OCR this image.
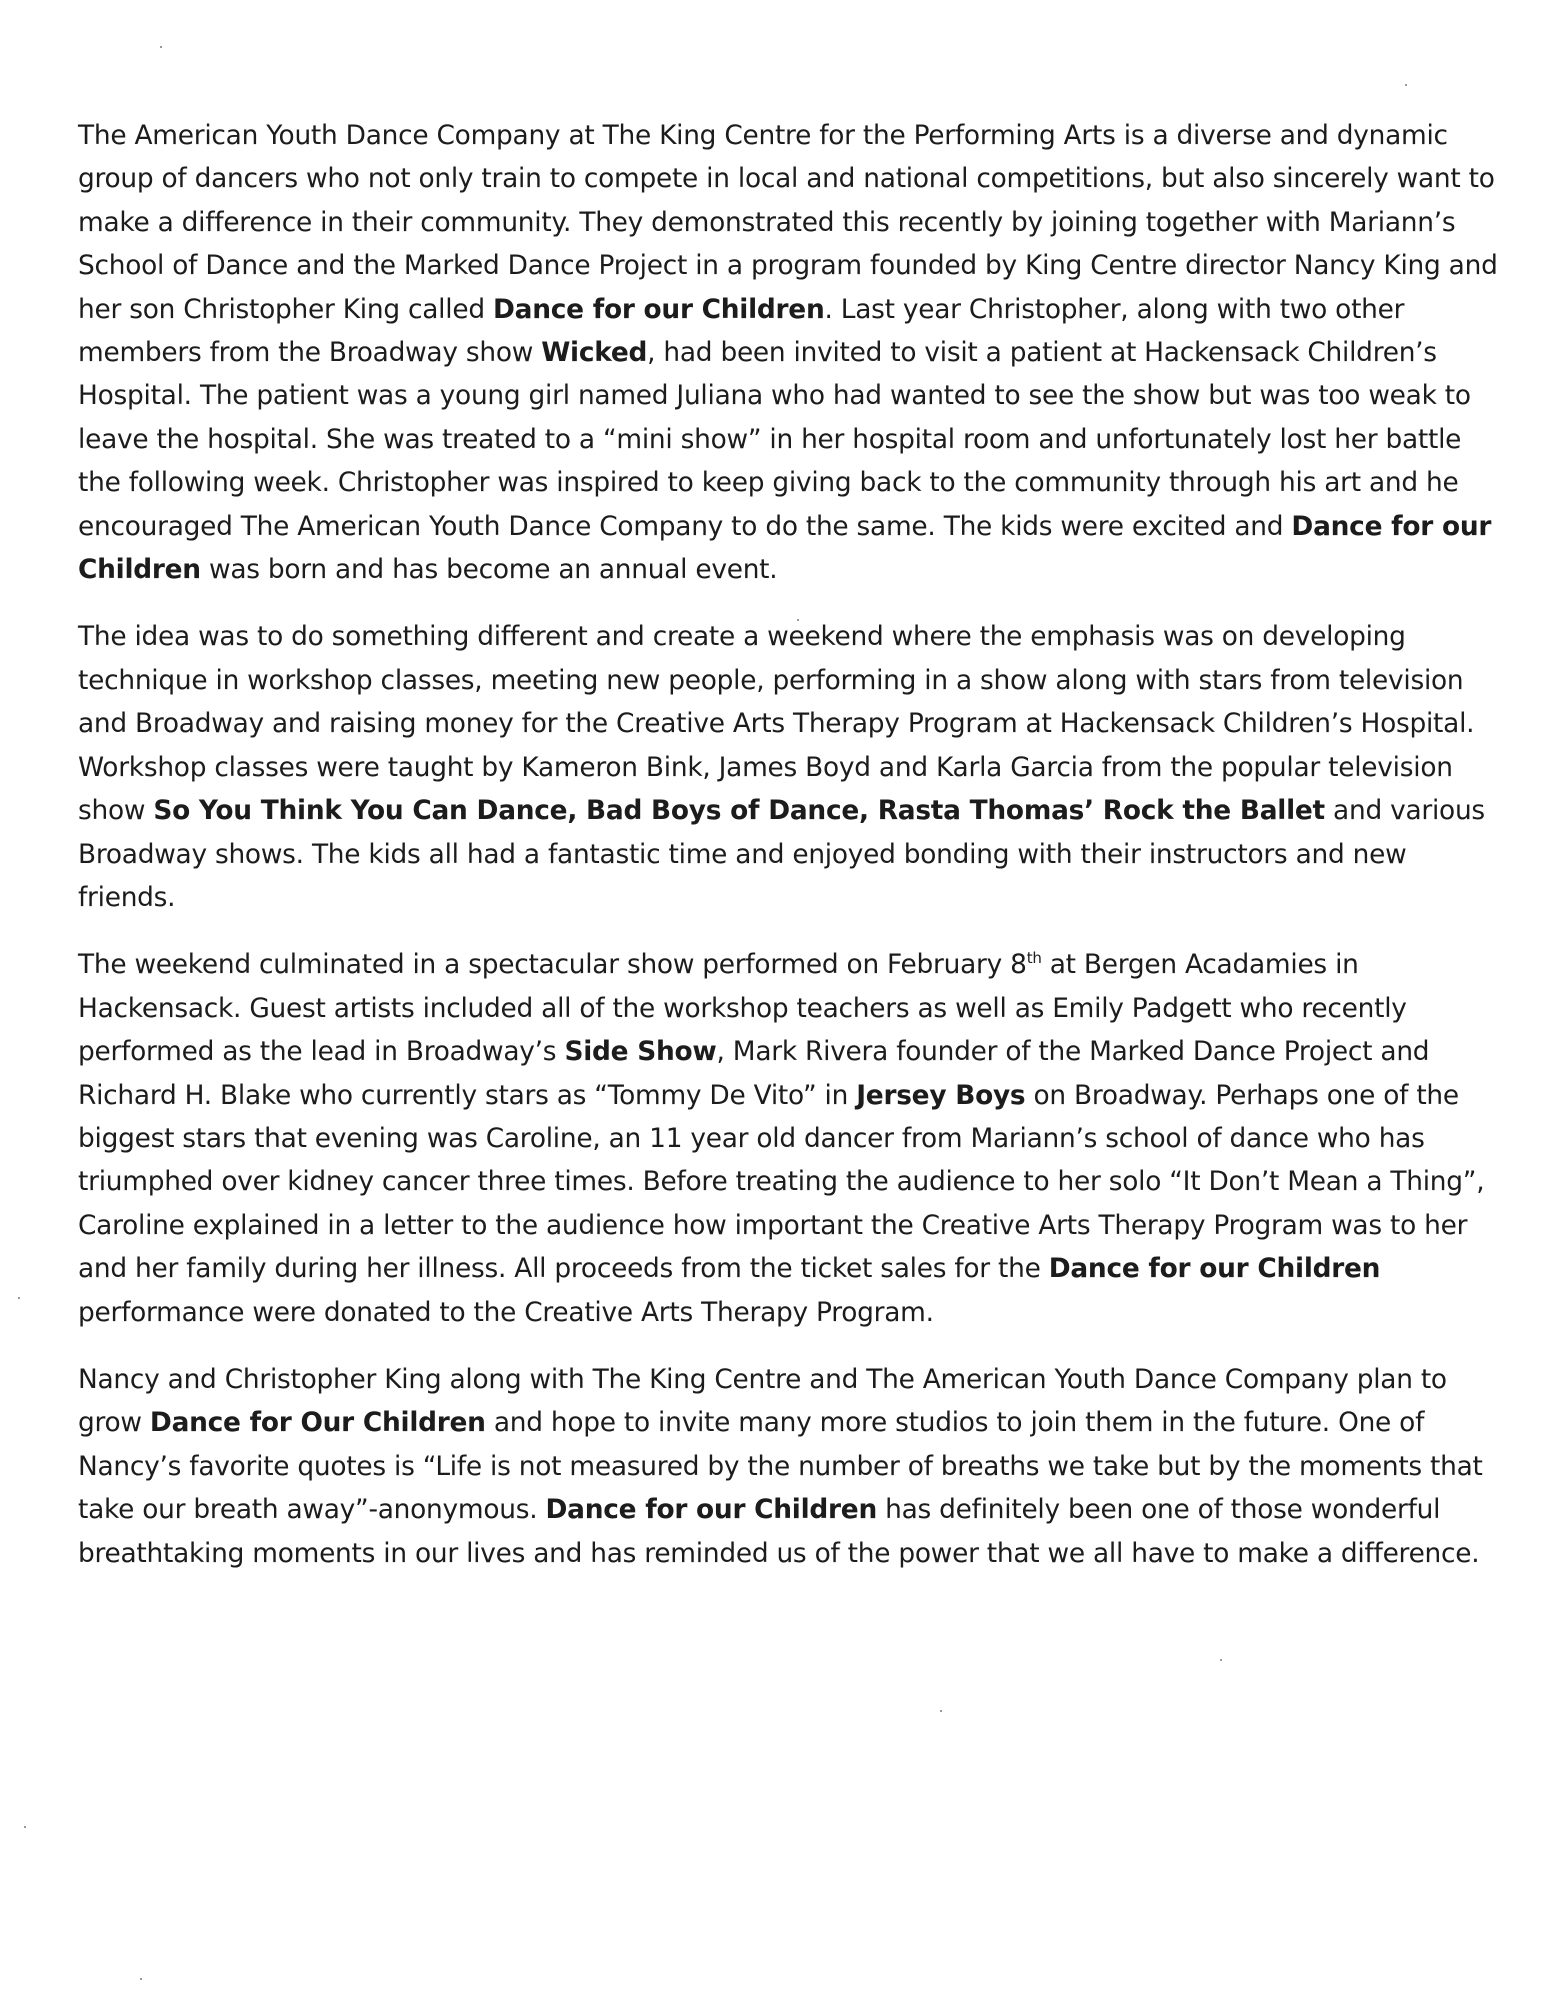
The American Youth Dance Company at The King Centre for the Performing Arts is a diverse and dynamic group of dancers who not only train to compete in local and national competitions, but also sincerely want to make a difference in their community. They demonstrated this recently by joining together with Mariann’s School of Dance and the Marked Dance Project in a program founded by King Centre director Nancy King and her son Christopher King called Dance for our Children. Last year Christopher, along with two other members from the Broadway show Wicked, had been invited to visit a patient at Hackensack Children’s Hospital. The patient was a young girl named Juliana who had wanted to see the show but was too weak to leave the hospital. She was treated to a “mini show” in her hospital room and unfortunately lost her battle the following week. Christopher was inspired to keep giving back to the community through his art and he encouraged The American Youth Dance Company to do the same. The kids were excited and Dance for our Children was born and has become an annual event.

The idea was to do something different and create a weekend where the emphasis was on developing technique in workshop classes, meeting new people, performing in a show along with stars from television and Broadway and raising money for the Creative Arts Therapy Program at Hackensack Children’s Hospital. Workshop classes were taught by Kameron Bink, James Boyd and Karla Garcia from the popular television show So You Think You Can Dance, Bad Boys of Dance, Rasta Thomas’ Rock the Ballet and various Broadway shows. The kids all had a fantastic time and enjoyed bonding with their instructors and new friends.

The weekend culminated in a spectacular show performed on February 8th at Bergen Acadamies in Hackensack. Guest artists included all of the workshop teachers as well as Emily Padgett who recently performed as the lead in Broadway’s Side Show, Mark Rivera founder of the Marked Dance Project and Richard H. Blake who currently stars as “Tommy De Vito” in Jersey Boys on Broadway. Perhaps one of the biggest stars that evening was Caroline, an 11 year old dancer from Mariann’s school of dance who has triumphed over kidney cancer three times. Before treating the audience to her solo “It Don’t Mean a Thing”, Caroline explained in a letter to the audience how important the Creative Arts Therapy Program was to her and her family during her illness. All proceeds from the ticket sales for the Dance for our Children performance were donated to the Creative Arts Therapy Program.

Nancy and Christopher King along with The King Centre and The American Youth Dance Company plan to grow Dance for Our Children and hope to invite many more studios to join them in the future. One of Nancy’s favorite quotes is “Life is not measured by the number of breaths we take but by the moments that take our breath away”-anonymous. Dance for our Children has definitely been one of those wonderful breathtaking moments in our lives and has reminded us of the power that we all have to make a difference.
